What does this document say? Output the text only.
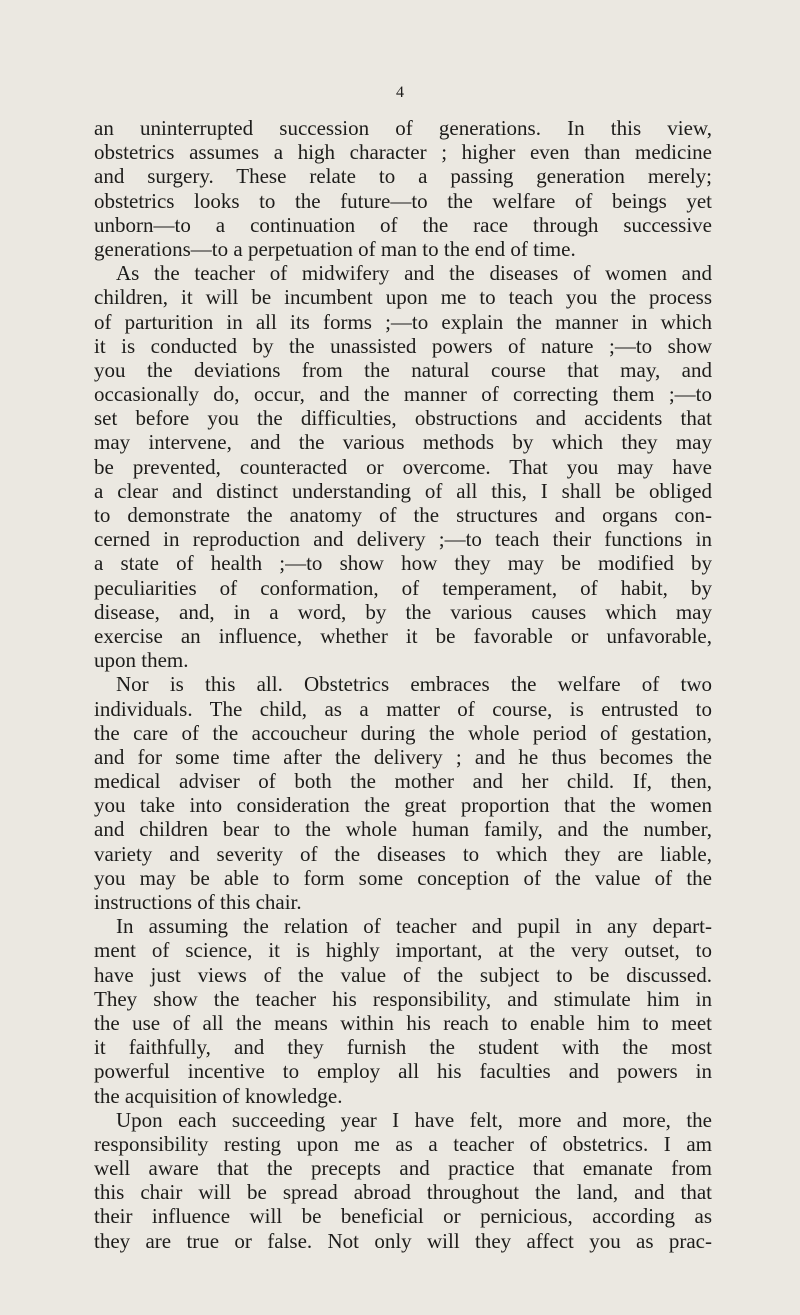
4
an uninterrupted succession of generations. In this view,
obstetrics assumes a high character ; higher even than medicine
and surgery. These relate to a passing generation merely;
obstetrics looks to the future—to the welfare of beings yet
unborn—to a continuation of the race through successive
generations—to a perpetuation of man to the end of time.
As the teacher of midwifery and the diseases of women and
children, it will be incumbent upon me to teach you the process
of parturition in all its forms ;—to explain the manner in which
it is conducted by the unassisted powers of nature ;—to show
you the deviations from the natural course that may, and
occasionally do, occur, and the manner of correcting them ;—to
set before you the difficulties, obstructions and accidents that
may intervene, and the various methods by which they may
be prevented, counteracted or overcome. That you may have
a clear and distinct understanding of all this, I shall be obliged
to demonstrate the anatomy of the structures and organs con-
cerned in reproduction and delivery ;—to teach their functions in
a state of health ;—to show how they may be modified by
peculiarities of conformation, of temperament, of habit, by
disease, and, in a word, by the various causes which may
exercise an influence, whether it be favorable or unfavorable,
upon them.
Nor is this all. Obstetrics embraces the welfare of two
individuals. The child, as a matter of course, is entrusted to
the care of the accoucheur during the whole period of gestation,
and for some time after the delivery ; and he thus becomes the
medical adviser of both the mother and her child. If, then,
you take into consideration the great proportion that the women
and children bear to the whole human family, and the number,
variety and severity of the diseases to which they are liable,
you may be able to form some conception of the value of the
instructions of this chair.
In assuming the relation of teacher and pupil in any depart-
ment of science, it is highly important, at the very outset, to
have just views of the value of the subject to be discussed.
They show the teacher his responsibility, and stimulate him in
the use of all the means within his reach to enable him to meet
it faithfully, and they furnish the student with the most
powerful incentive to employ all his faculties and powers in
the acquisition of knowledge.
Upon each succeeding year I have felt, more and more, the
responsibility resting upon me as a teacher of obstetrics. I am
well aware that the precepts and practice that emanate from
this chair will be spread abroad throughout the land, and that
their influence will be beneficial or pernicious, according as
they are true or false. Not only will they affect you as prac-
